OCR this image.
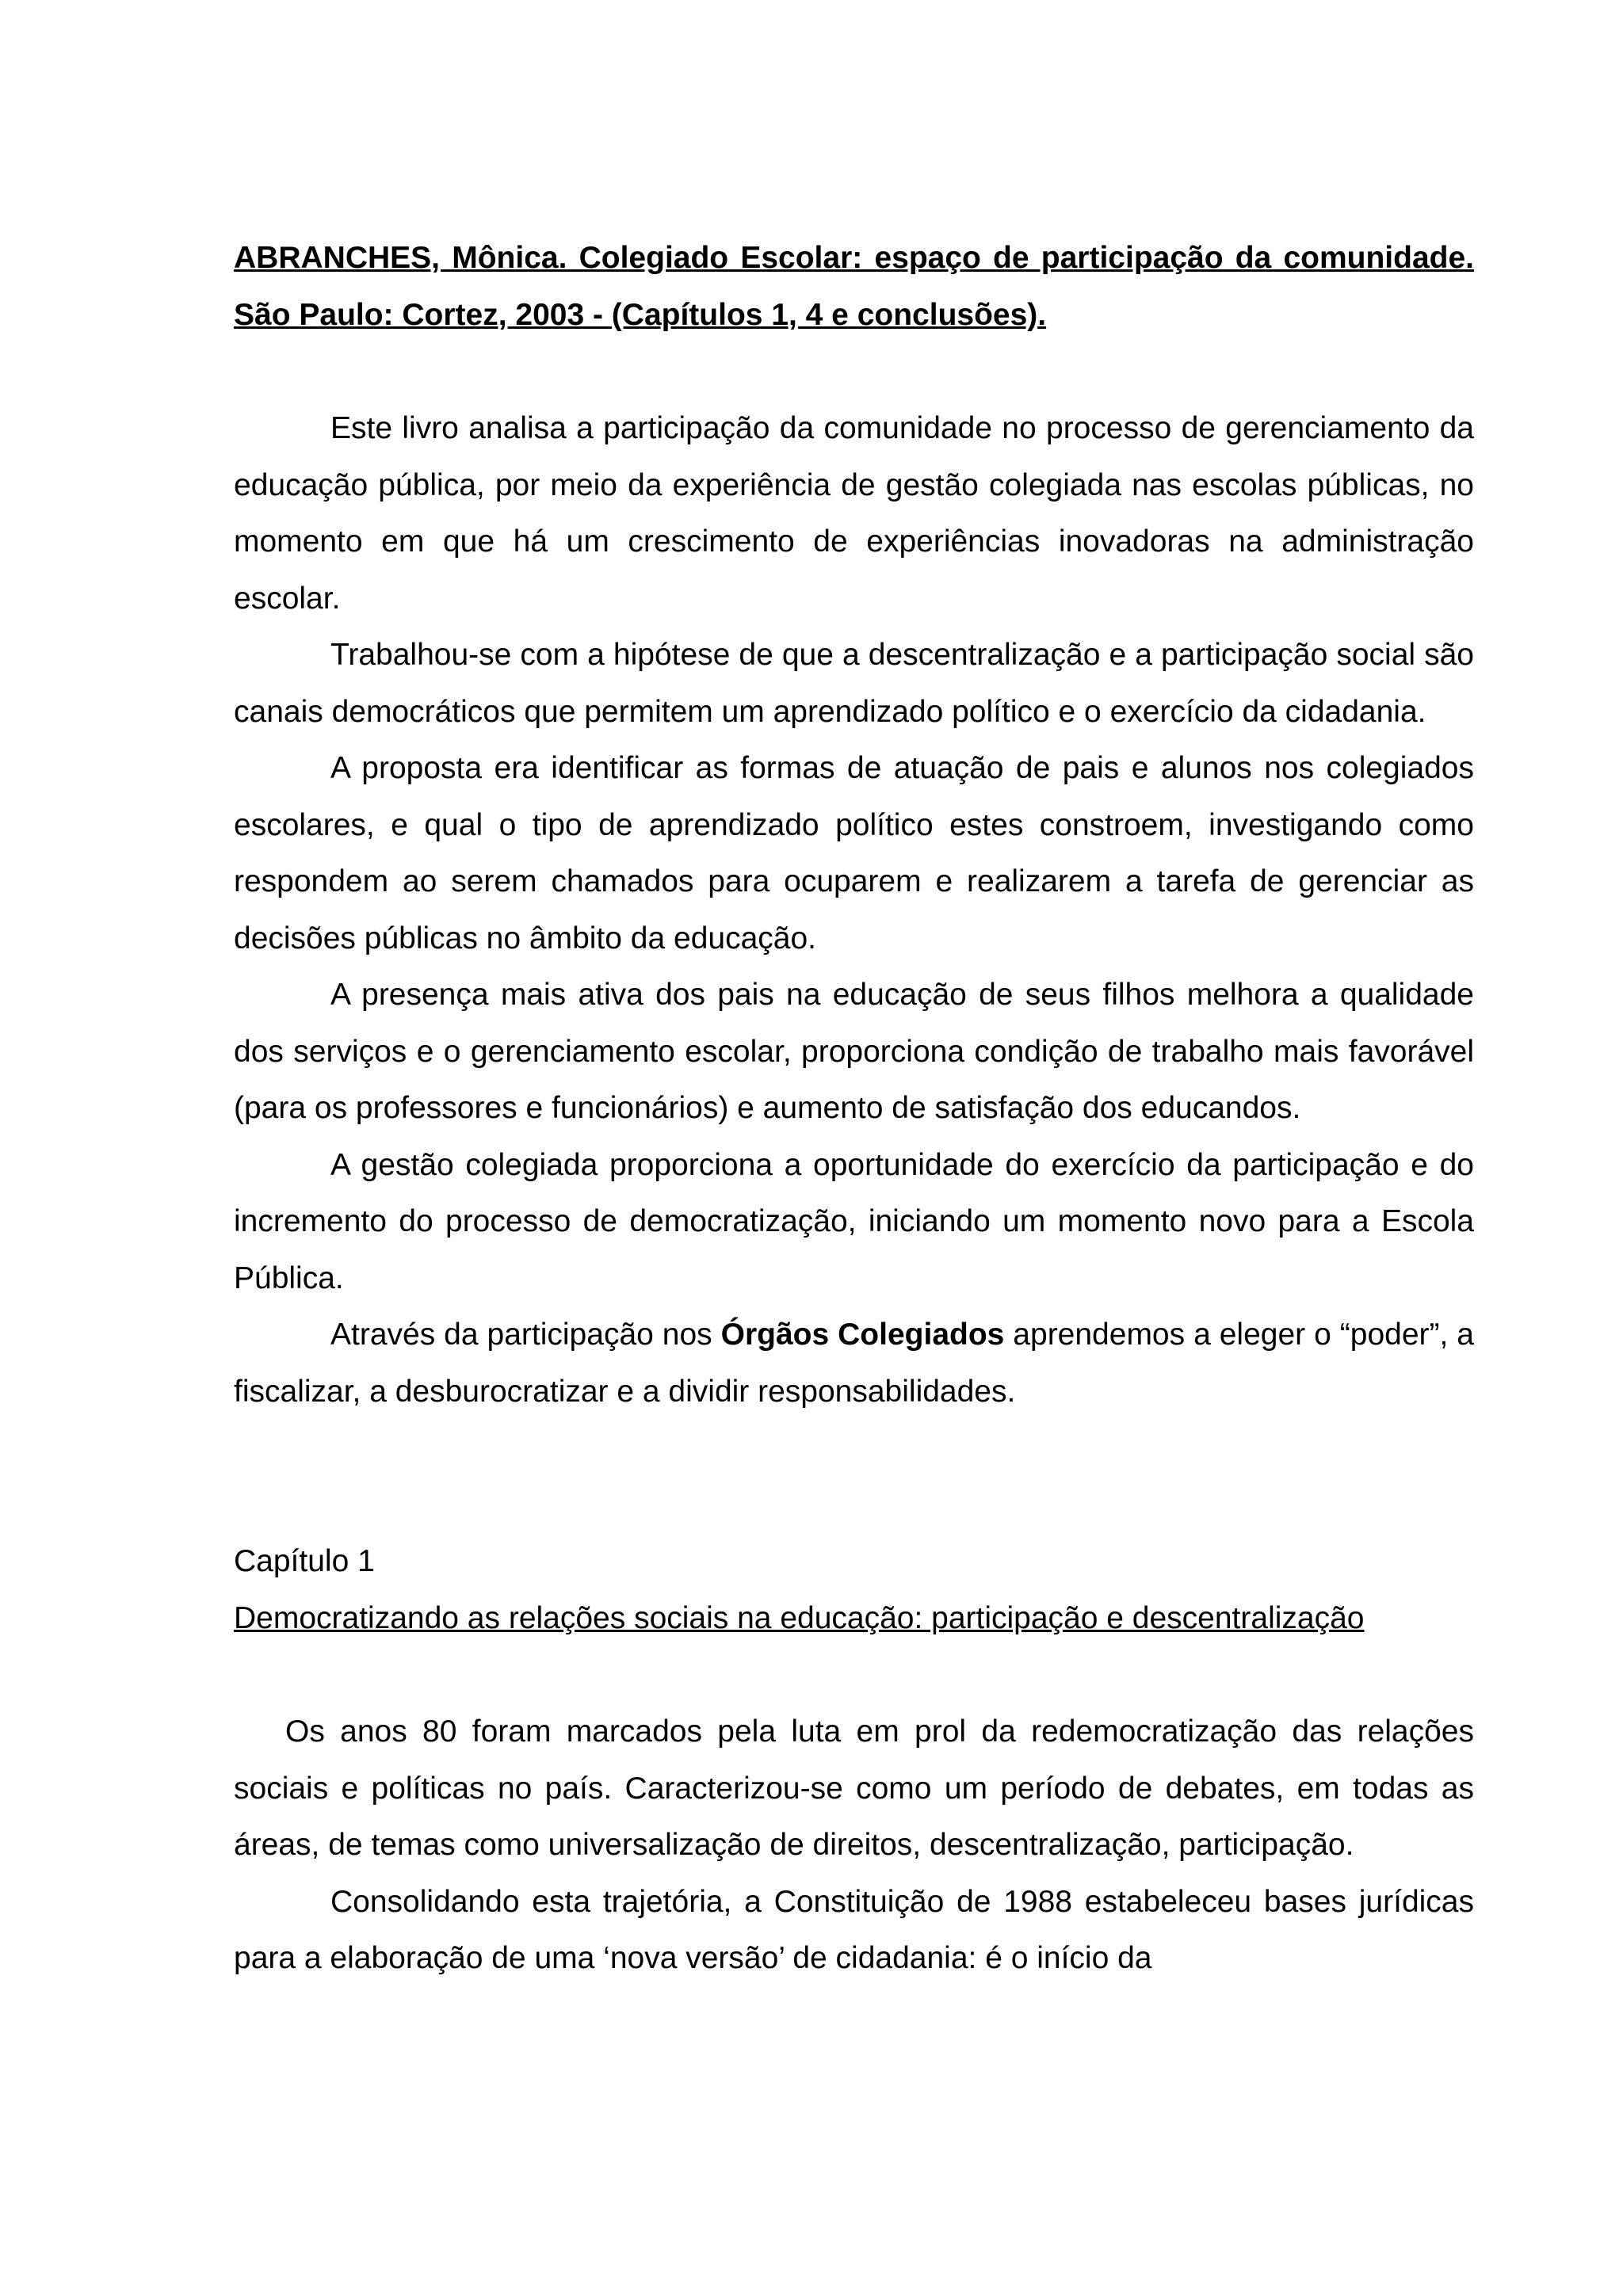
ABRANCHES, Mônica. Colegiado Escolar: espaço de participação da comunidade. São Paulo: Cortez, 2003 - (Capítulos 1, 4 e conclusões).

Este livro analisa a participação da comunidade no processo de gerenciamento da educação pública, por meio da experiência de gestão colegiada nas escolas públicas, no momento em que há um crescimento de experiências inovadoras na administração escolar.

Trabalhou-se com a hipótese de que a descentralização e a participação social são canais democráticos que permitem um aprendizado político e o exercício da cidadania.

A proposta era identificar as formas de atuação de pais e alunos nos colegiados escolares, e qual o tipo de aprendizado político estes constroem, investigando como respondem ao serem chamados para ocuparem e realizarem a tarefa de gerenciar as decisões públicas no âmbito da educação.

A presença mais ativa dos pais na educação de seus filhos melhora a qualidade dos serviços e o gerenciamento escolar, proporciona condição de trabalho mais favorável (para os professores e funcionários) e aumento de satisfação dos educandos.

A gestão colegiada proporciona a oportunidade do exercício da participação e do incremento do processo de democratização, iniciando um momento novo para a Escola Pública.

Através da participação nos Órgãos Colegiados aprendemos a eleger o “poder”, a fiscalizar, a desburocratizar e a dividir responsabilidades.

Capítulo 1

Democratizando as relações sociais na educação: participação e descentralização

Os anos 80 foram marcados pela luta em prol da redemocratização das relações sociais e políticas no país. Caracterizou-se como um período de debates, em todas as áreas, de temas como universalização de direitos, descentralização, participação.

Consolidando esta trajetória, a Constituição de 1988 estabeleceu bases jurídicas para a elaboração de uma ‘nova versão’ de cidadania: é o início da
